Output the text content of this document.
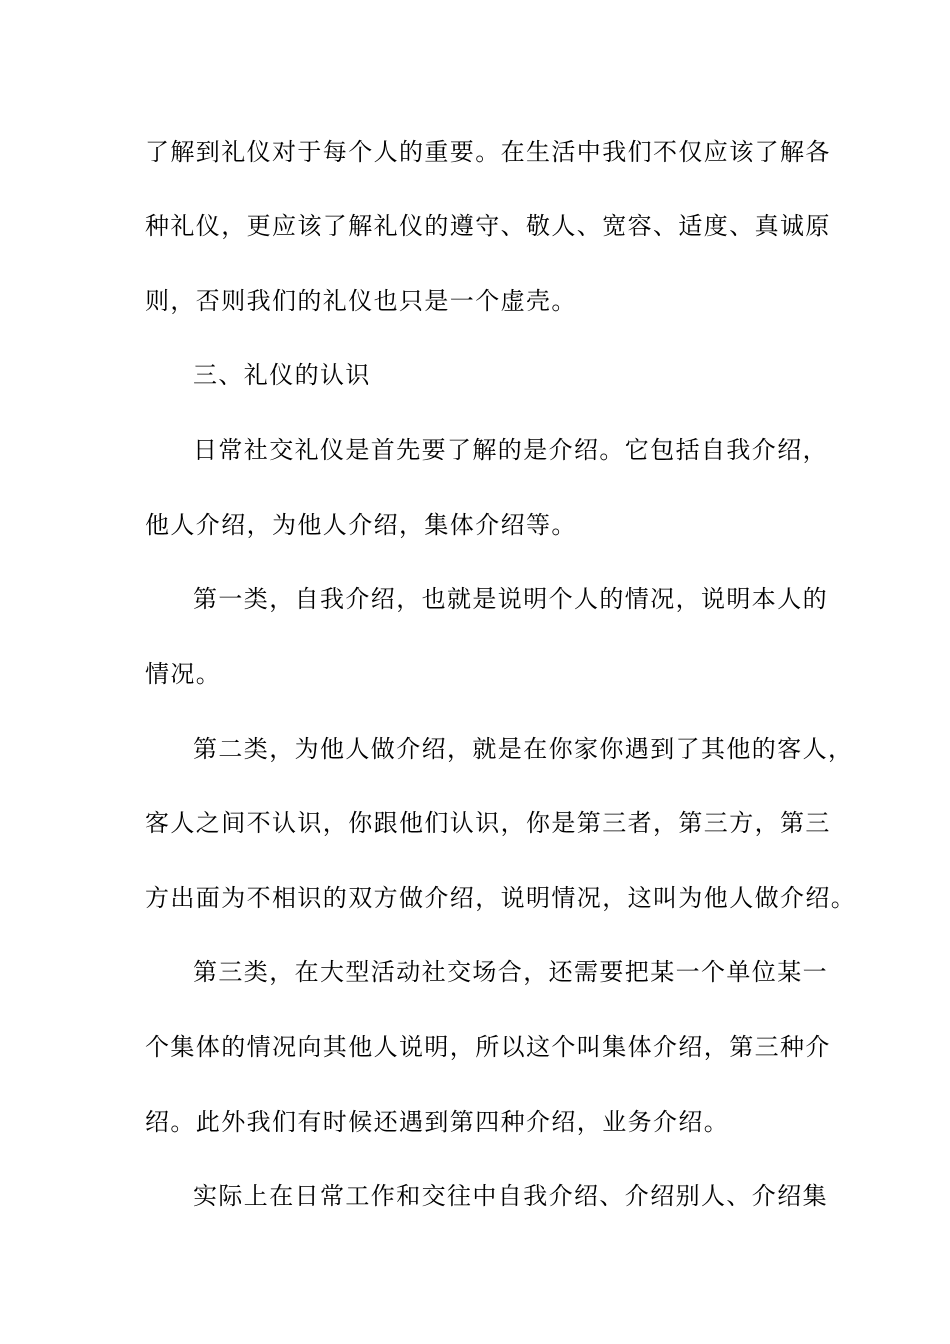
了解到礼仪对于每个人的重要。在生活中我们不仅应该了解各

种礼仪，更应该了解礼仪的遵守、敬人、宽容、适度、真诚原

则，否则我们的礼仪也只是一个虚壳。

三、礼仪的认识

日常社交礼仪是首先要了解的是介绍。它包括自我介绍，

他人介绍，为他人介绍，集体介绍等。

第一类，自我介绍，也就是说明个人的情况，说明本人的

情况。

第二类，为他人做介绍，就是在你家你遇到了其他的客人，

客人之间不认识，你跟他们认识，你是第三者，第三方，第三

方出面为不相识的双方做介绍，说明情况，这叫为他人做介绍。

第三类，在大型活动社交场合，还需要把某一个单位某一

个集体的情况向其他人说明，所以这个叫集体介绍，第三种介

绍。此外我们有时候还遇到第四种介绍，业务介绍。

实际上在日常工作和交往中自我介绍、介绍别人、介绍集
